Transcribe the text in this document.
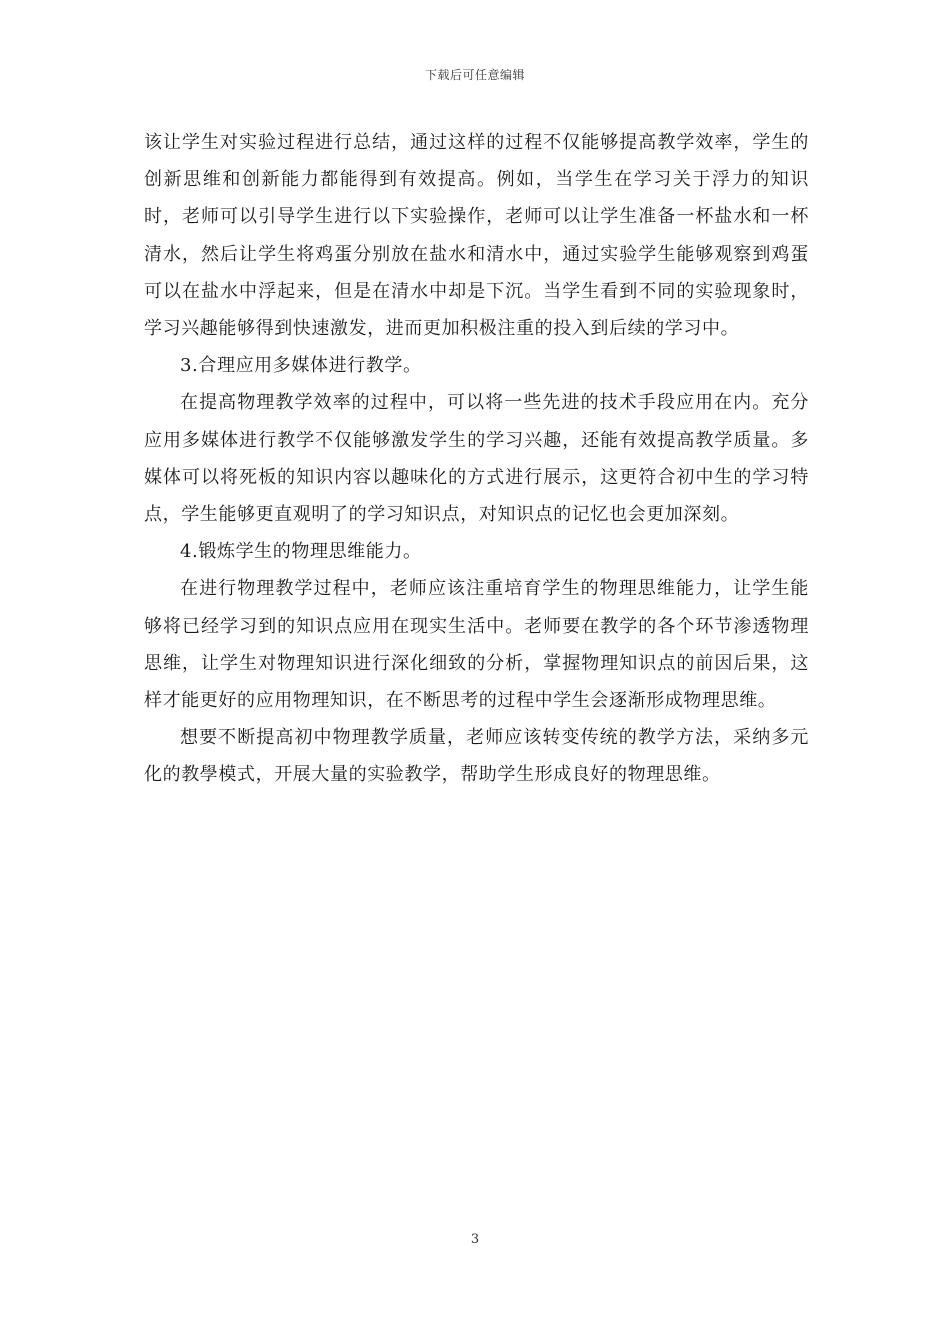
下载后可任意编辑

该让学生对实验过程进行总结，通过这样的过程不仅能够提高教学效率，学生的创新思维和创新能力都能得到有效提高。例如，当学生在学习关于浮力的知识时，老师可以引导学生进行以下实验操作，老师可以让学生准备一杯盐水和一杯清水，然后让学生将鸡蛋分别放在盐水和清水中，通过实验学生能够观察到鸡蛋可以在盐水中浮起来，但是在清水中却是下沉。当学生看到不同的实验现象时，学习兴趣能够得到快速激发，进而更加积极注重的投入到后续的学习中。

3.合理应用多媒体进行教学。

在提高物理教学效率的过程中，可以将一些先进的技术手段应用在内。充分应用多媒体进行教学不仅能够激发学生的学习兴趣，还能有效提高教学质量。多媒体可以将死板的知识内容以趣味化的方式进行展示，这更符合初中生的学习特点，学生能够更直观明了的学习知识点，对知识点的记忆也会更加深刻。

4.锻炼学生的物理思维能力。

在进行物理教学过程中，老师应该注重培育学生的物理思维能力，让学生能够将已经学习到的知识点应用在现实生活中。老师要在教学的各个环节渗透物理思维，让学生对物理知识进行深化细致的分析，掌握物理知识点的前因后果，这样才能更好的应用物理知识，在不断思考的过程中学生会逐渐形成物理思维。

想要不断提高初中物理教学质量，老师应该转变传统的教学方法，采纳多元化的教學模式，开展大量的实验教学，帮助学生形成良好的物理思维。

3
